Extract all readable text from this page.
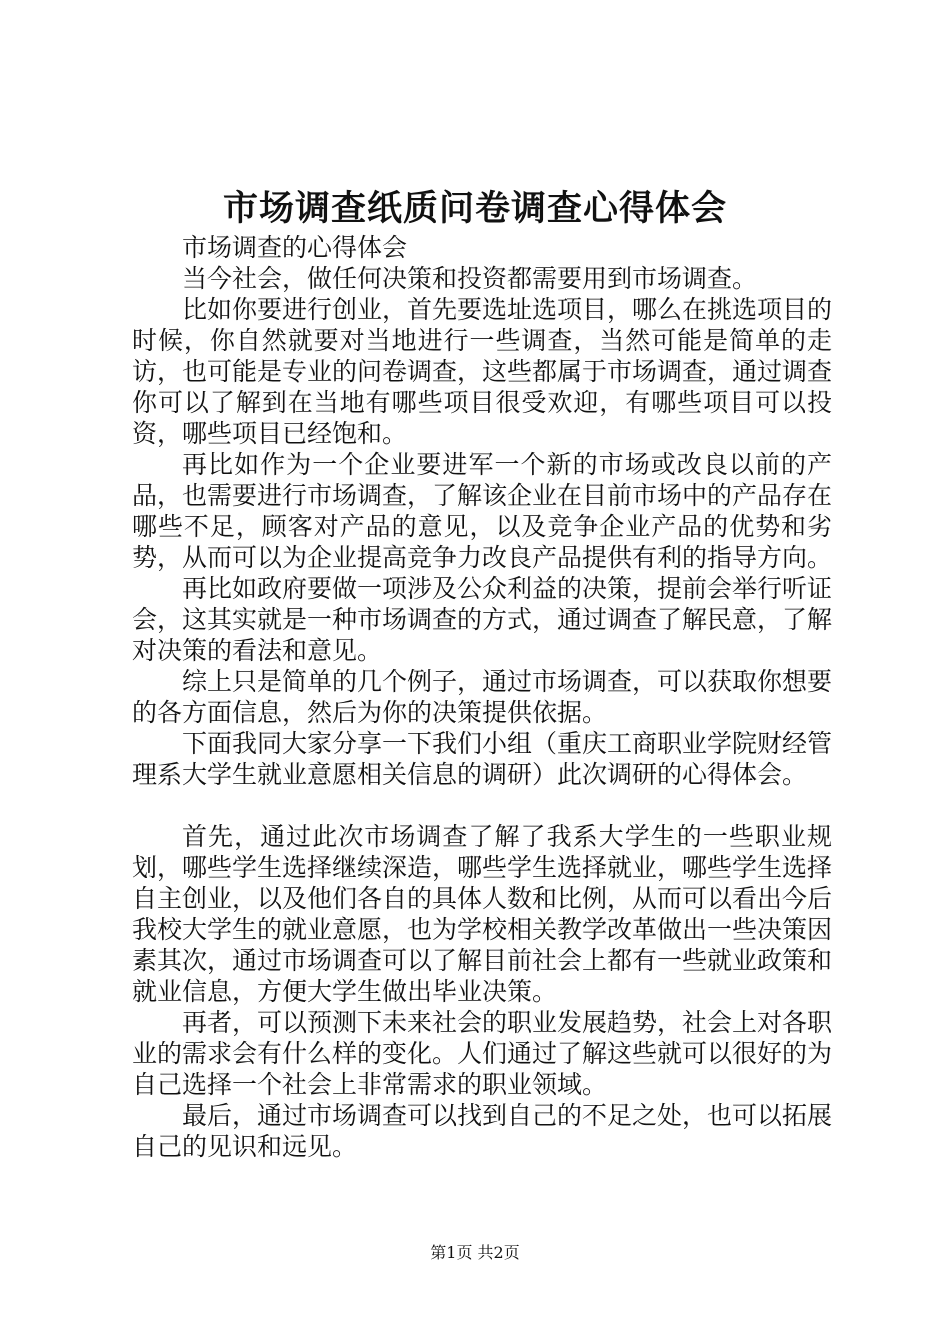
市场调查纸质问卷调查心得体会

市场调查的心得体会

当今社会，做任何决策和投资都需要用到市场调查。

比如你要进行创业，首先要选址选项目，哪么在挑选项目的时候，你自然就要对当地进行一些调查，当然可能是简单的走访，也可能是专业的问卷调查，这些都属于市场调查，通过调查你可以了解到在当地有哪些项目很受欢迎，有哪些项目可以投资，哪些项目已经饱和。

再比如作为一个企业要进军一个新的市场或改良以前的产品，也需要进行市场调查，了解该企业在目前市场中的产品存在哪些不足，顾客对产品的意见，以及竞争企业产品的优势和劣势，从而可以为企业提高竞争力改良产品提供有利的指导方向。

再比如政府要做一项涉及公众利益的决策，提前会举行听证会，这其实就是一种市场调查的方式，通过调查了解民意，了解对决策的看法和意见。

综上只是简单的几个例子，通过市场调查，可以获取你想要的各方面信息，然后为你的决策提供依据。

下面我同大家分享一下我们小组（重庆工商职业学院财经管理系大学生就业意愿相关信息的调研）此次调研的心得体会。

首先，通过此次市场调查了解了我系大学生的一些职业规划，哪些学生选择继续深造，哪些学生选择就业，哪些学生选择自主创业，以及他们各自的具体人数和比例，从而可以看出今后我校大学生的就业意愿，也为学校相关教学改革做出一些决策因素其次，通过市场调查可以了解目前社会上都有一些就业政策和就业信息，方便大学生做出毕业决策。

再者，可以预测下未来社会的职业发展趋势，社会上对各职业的需求会有什么样的变化。人们通过了解这些就可以很好的为自己选择一个社会上非常需求的职业领域。

最后，通过市场调查可以找到自己的不足之处，也可以拓展自己的见识和远见。

第1页 共2页
